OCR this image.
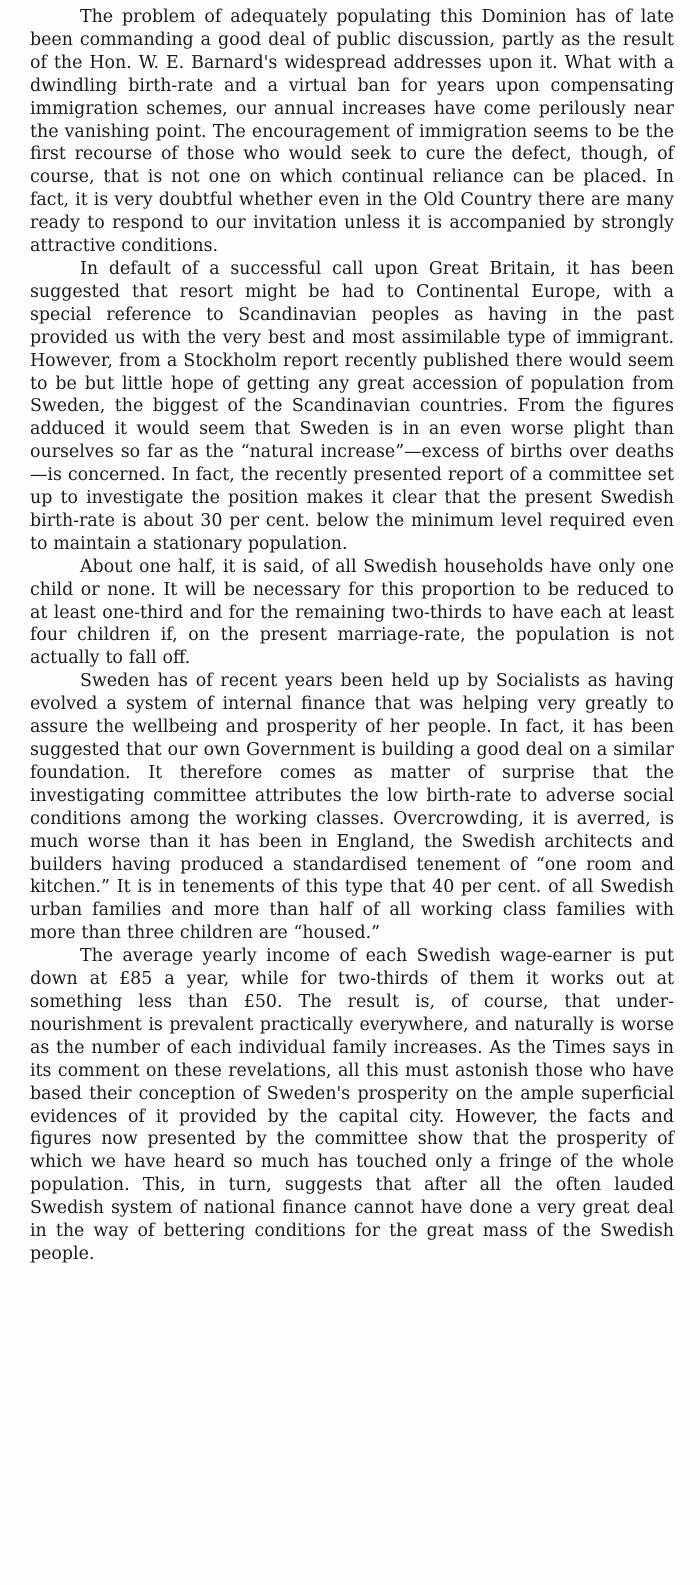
The problem of adequately populating this Dominion has of late been commanding a good deal of public discussion, partly as the result of the Hon. W. E. Barnard's widespread addresses upon it. What with a dwindling birth-rate and a virtual ban for years upon compensating immigration schemes, our annual increases have come perilously near the vanishing point. The encouragement of immigration seems to be the first recourse of those who would seek to cure the defect, though, of course, that is not one on which continual reliance can be placed. In fact, it is very doubtful whether even in the Old Country there are many ready to respond to our invitation unless it is accompanied by strongly attractive conditions.

In default of a successful call upon Great Britain, it has been suggested that resort might be had to Continental Europe, with a special reference to Scandinavian peoples as having in the past provided us with the very best and most assimilable type of immigrant. However, from a Stockholm report recently published there would seem to be but little hope of getting any great accession of population from Sweden, the biggest of the Scandinavian countries. From the figures adduced it would seem that Sweden is in an even worse plight than ourselves so far as the “natural increase”—excess of births over deaths—is concerned. In fact, the recently presented report of a committee set up to investigate the position makes it clear that the present Swedish birth-rate is about 30 per cent. below the minimum level required even to maintain a stationary population.

About one half, it is said, of all Swedish households have only one child or none. It will be necessary for this proportion to be reduced to at least one-third and for the remaining two-thirds to have each at least four children if, on the present marriage-rate, the population is not actually to fall off.

Sweden has of recent years been held up by Socialists as having evolved a system of internal finance that was helping very greatly to assure the wellbeing and prosperity of her people. In fact, it has been suggested that our own Government is building a good deal on a similar foundation. It therefore comes as matter of surprise that the investigating committee attributes the low birth-rate to adverse social conditions among the working classes. Overcrowding, it is averred, is much worse than it has been in England, the Swedish architects and builders having produced a standardised tenement of “one room and kitchen.” It is in tenements of this type that 40 per cent. of all Swedish urban families and more than half of all working class families with more than three children are “housed.”

The average yearly income of each Swedish wage-earner is put down at £85 a year, while for two-thirds of them it works out at something less than £50. The result is, of course, that under-nourishment is prevalent practically everywhere, and naturally is worse as the number of each individual family increases. As the Times says in its comment on these revelations, all this must astonish those who have based their conception of Sweden's prosperity on the ample superficial evidences of it provided by the capital city. However, the facts and figures now presented by the committee show that the prosperity of which we have heard so much has touched only a fringe of the whole population. This, in turn, suggests that after all the often lauded Swedish system of national finance cannot have done a very great deal in the way of bettering conditions for the great mass of the Swedish people.
